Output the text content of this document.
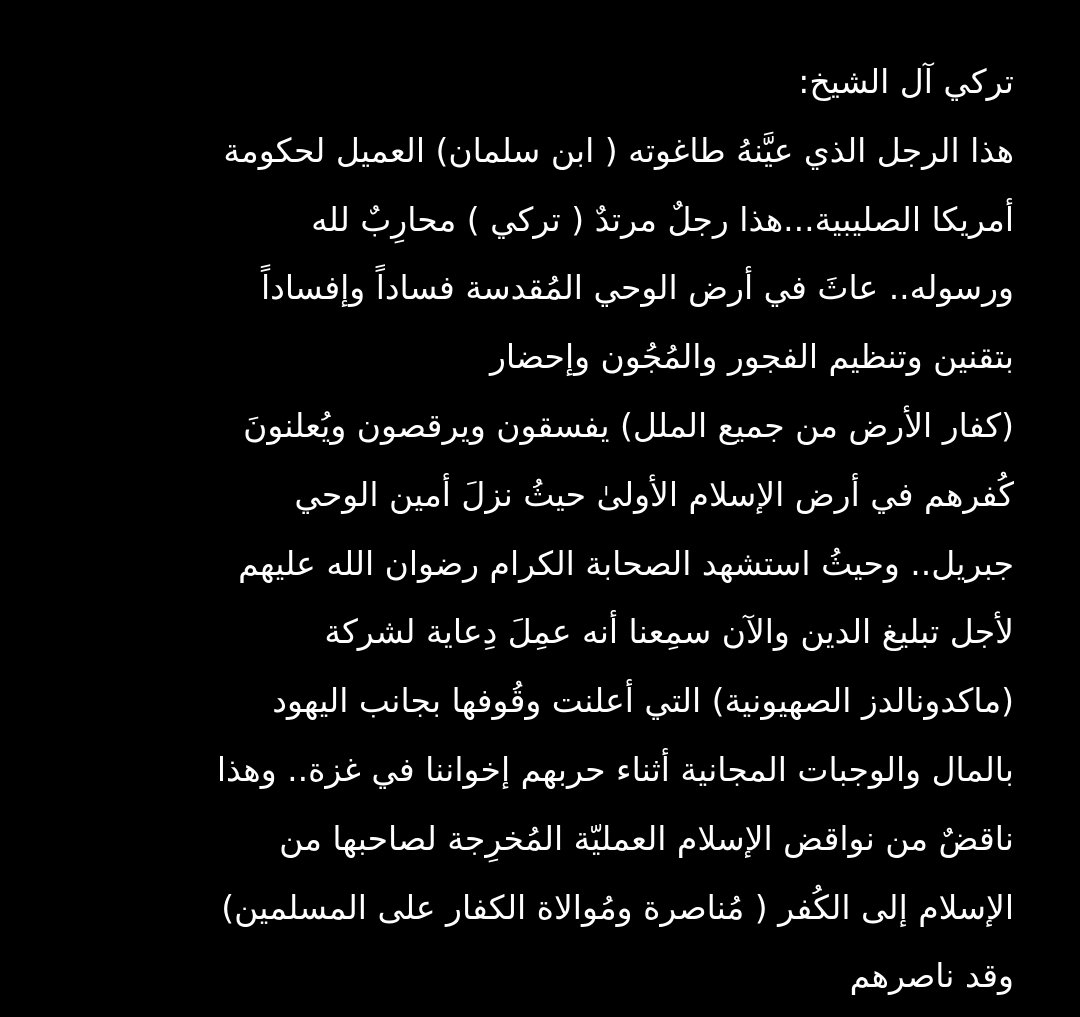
تركي آل الشيخ:
هذا الرجل الذي عيَّنهُ طاغوته ( ابن سلمان) العميل لحكومة
أمريكا الصليبية...هذا رجلٌ مرتدٌ ( تركي ) محارِبٌ لله
ورسوله.. عاثَ في أرض الوحي المُقدسة فساداً وإفساداً
بتقنين وتنظيم الفجور والمُجُون وإحضار
(كفار الأرض من جميع الملل) يفسقون ويرقصون ويُعلنونَ
كُفرهم في أرض الإسلام الأولىٰ حيثُ نزلَ أمين الوحي
جبريل.. وحيثُ استشهد الصحابة الكرام رضوان الله عليهم
لأجل تبليغ الدين والآن سمِعنا أنه عمِلَ دِعاية لشركة
(ماكدونالدز الصهيونية) التي أعلنت وقُوفها بجانب اليهود
بالمال والوجبات المجانية أثناء حربهم إخواننا في غزة.. وهذا
ناقضٌ من نواقض الإسلام العمليّة المُخرِجة لصاحبها من
الإسلام إلى الكُفر ( مُناصرة ومُوالاة الكفار على المسلمين)
وقد ناصرهم
